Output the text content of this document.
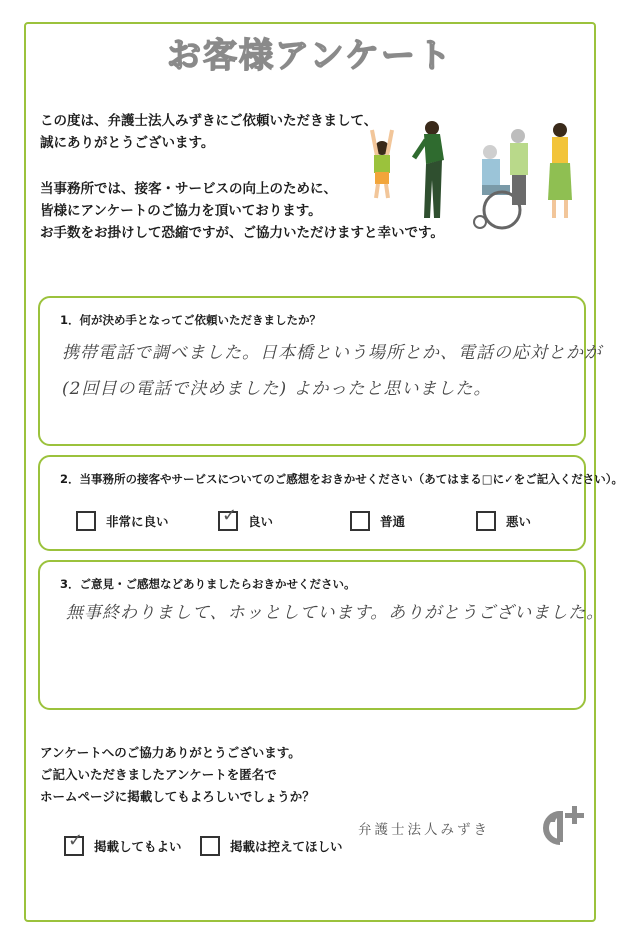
お客様アンケート
この度は、弁護士法人みずきにご依頼いただきまして、
誠にありがとうございます。
当事務所では、接客・サービスの向上のために、
皆様にアンケートのご協力を頂いております。
お手数をお掛けして恐縮ですが、ご協力いただけますと幸いです。
1．何が決め手となってご依頼いただきましたか？
携帯電話で調べました。日本橋という場所とか、電話の応対とかが
(2回目の電話で決めました) よかったと思いました。
2．当事務所の接客やサービスについてのご感想をおきかせください（あてはまる□に✓をご記入ください）。
非常に良い	✓ 良い	普通	悪い
3．ご意見・ご感想などありましたらおきかせください。
無事終わりまして、ホッとしています。ありがとうございました。
アンケートへのご協力ありがとうございます。
ご記入いただきましたアンケートを匿名で
ホームページに掲載してもよろしいでしょうか？
✓ 掲載してもよい	掲載は控えてほしい
弁護士法人みずき
